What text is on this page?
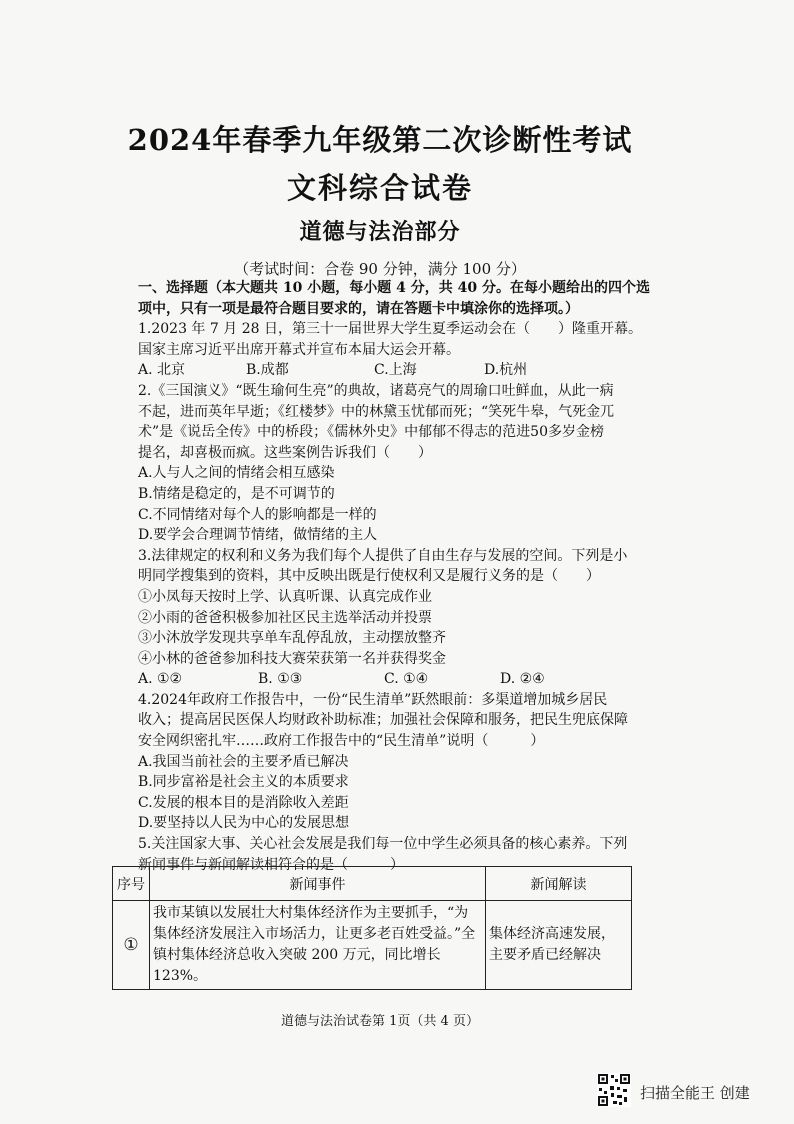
2024年春季九年级第二次诊断性考试
文科综合试卷
道德与法治部分
（考试时间：合卷 90 分钟，满分 100 分）

一、选择题（本大题共 10 小题，每小题 4 分，共 40 分。在每小题给出的四个选

项中，只有一项是最符合题目要求的，请在答题卡中填涂你的选择项。）

1.2023 年 7 月 28 日，第三十一届世界大学生夏季运动会在（　　）隆重开幕。

国家主席习近平出席开幕式并宣布本届大运会开幕。

A. 北京	B.成都	C.上海	D.杭州

2.《三国演义》“既生瑜何生亮”的典故，诸葛亮气的周瑜口吐鲜血，从此一病

不起，进而英年早逝；《红楼梦》中的林黛玉忧郁而死；“笑死牛皋，气死金兀

术”是《说岳全传》中的桥段；《儒林外史》中郁郁不得志的范进50多岁金榜

提名，却喜极而疯。这些案例告诉我们（　　）

A.人与人之间的情绪会相互感染

B.情绪是稳定的，是不可调节的

C.不同情绪对每个人的影响都是一样的

D.要学会合理调节情绪，做情绪的主人

3.法律规定的权利和义务为我们每个人提供了自由生存与发展的空间。下列是小

明同学搜集到的资料，其中反映出既是行使权利又是履行义务的是（　　）

①小凤每天按时上学、认真听课、认真完成作业

②小雨的爸爸积极参加社区民主选举活动并投票

③小沐放学发现共享单车乱停乱放，主动摆放整齐

④小林的爸爸参加科技大赛荣获第一名并获得奖金

A. ①②	B. ①③	C. ①④	D. ②④

4.2024年政府工作报告中，一份“民生清单”跃然眼前：多渠道增加城乡居民

收入；提高居民医保人均财政补助标准；加强社会保障和服务，把民生兜底保障

安全网织密扎牢……政府工作报告中的“民生清单”说明（　　　）

A.我国当前社会的主要矛盾已解决

B.同步富裕是社会主义的本质要求

C.发展的根本目的是消除收入差距

D.要坚持以人民为中心的发展思想

5.关注国家大事、关心社会发展是我们每一位中学生必须具备的核心素养。下列

新闻事件与新闻解读相符合的是（　　　）

序号	新闻事件	新闻解读
①	我市某镇以发展壮大村集体经济作为主要抓手，“为集体经济发展注入市场活力，让更多老百姓受益。”全镇村集体经济总收入突破 200 万元，同比增长 123%。	集体经济高速发展，主要矛盾已经解决
道德与法治试卷第 1页（共 4 页）
扫描全能王 创建
